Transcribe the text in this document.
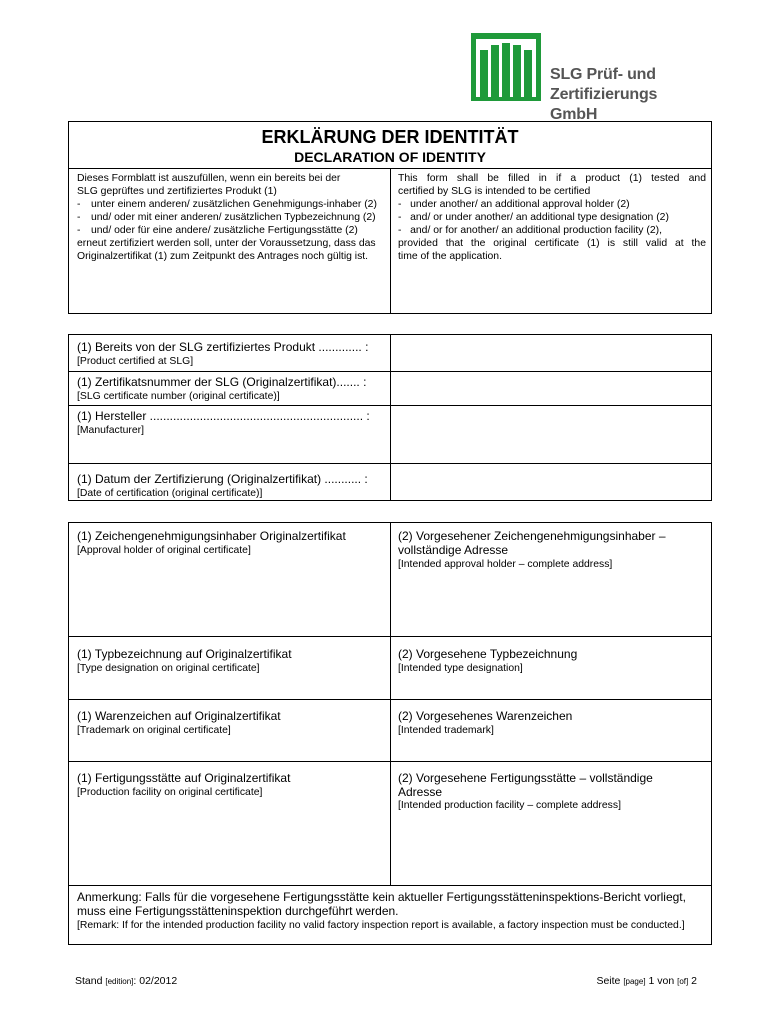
SLG Prüf- und
Zertifizierungs GmbH
ERKLÄRUNG DER IDENTITÄT
DECLARATION OF IDENTITY
Dieses Formblatt ist auszufüllen, wenn ein bereits bei der
SLG geprüftes und zertifiziertes Produkt (1)
-	unter einem anderen/ zusätzlichen Genehmigungs-inhaber (2)
-	und/ oder mit einer anderen/ zusätzlichen Typbezeichnung (2)
-	und/ oder für eine andere/ zusätzliche Fertigungsstätte (2)
erneut zertifiziert werden soll, unter der Voraussetzung, dass das Originalzertifikat (1) zum Zeitpunkt des Antrages noch gültig ist.
This form shall be filled in if a product (1) tested and
certified by SLG is intended to be certified
-   under another/ an additional approval holder (2)
-   and/ or under another/ an additional type designation (2)
-   and/ or for another/ an additional production facility (2),
provided that the original certificate (1) is still valid at the
time of the application.
(1) Bereits von der SLG zertifiziertes Produkt ............. :
[Product certified at SLG]
(1) Zertifikatsnummer der SLG (Originalzertifikat)....... :
[SLG certificate number (original certificate)]
(1) Hersteller ................................................................ :
[Manufacturer]
(1) Datum der Zertifizierung (Originalzertifikat) ........... :
[Date of certification (original certificate)]
(1) Zeichengenehmigungsinhaber Originalzertifikat
[Approval holder of original certificate]
(2) Vorgesehener Zeichengenehmigungsinhaber – vollständige Adresse
[Intended approval holder – complete address]
(1) Typbezeichnung auf Originalzertifikat
[Type designation on original certificate]
(2) Vorgesehene Typbezeichnung
[Intended type designation]
(1) Warenzeichen auf Originalzertifikat
[Trademark on original certificate]
(2) Vorgesehenes Warenzeichen
[Intended trademark]
(1) Fertigungsstätte auf Originalzertifikat
[Production facility on original certificate]
(2) Vorgesehene Fertigungsstätte – vollständige Adresse
[Intended production facility – complete address]
Anmerkung: Falls für die vorgesehene Fertigungsstätte kein aktueller Fertigungsstätteninspektions-Bericht vorliegt, muss eine Fertigungsstätteninspektion durchgeführt werden.
[Remark: If for the intended production facility no valid factory inspection report is available, a factory inspection must be conducted.]
Stand [edition]: 02/2012	Seite [page] 1 von [of] 2
